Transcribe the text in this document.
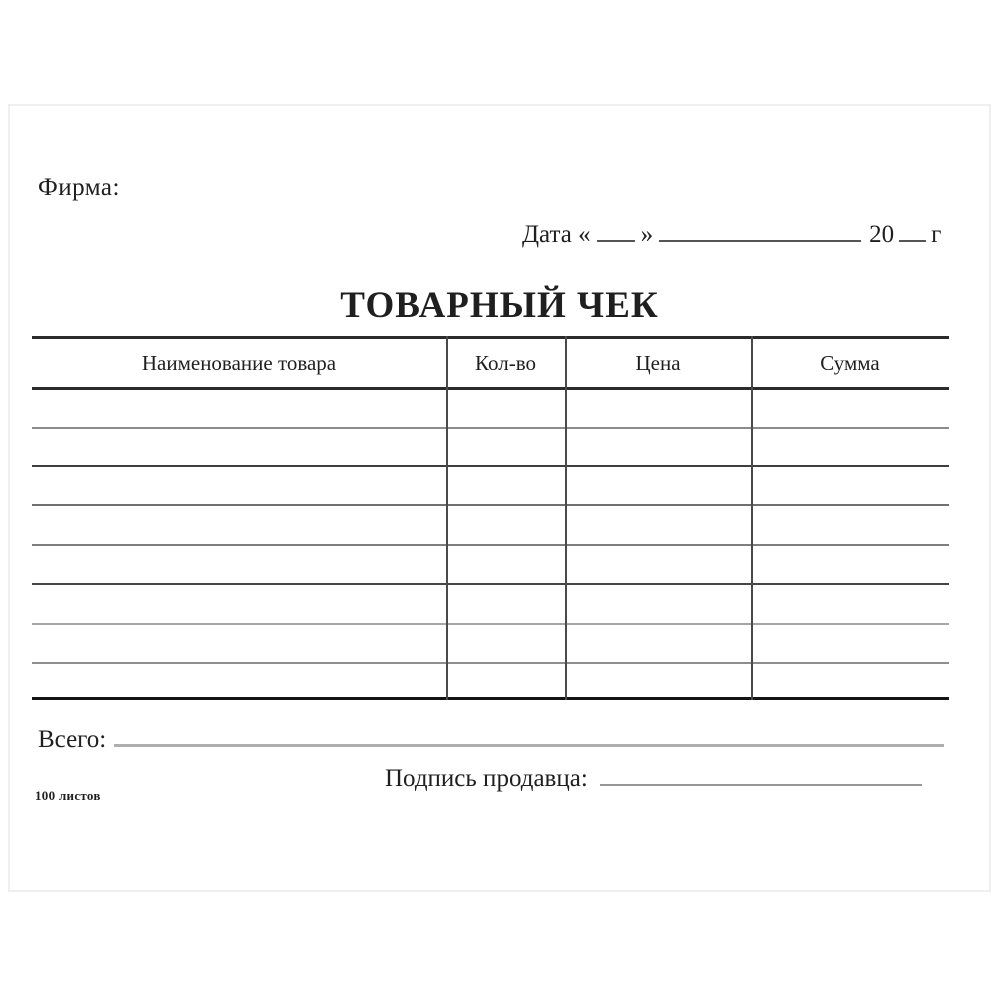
Фирма:
Дата « »	20 г
ТОВАРНЫЙ ЧЕК
Наименование товара	Кол-во	Цена	Сумма
Всего:
Подпись продавца:
100 листов
